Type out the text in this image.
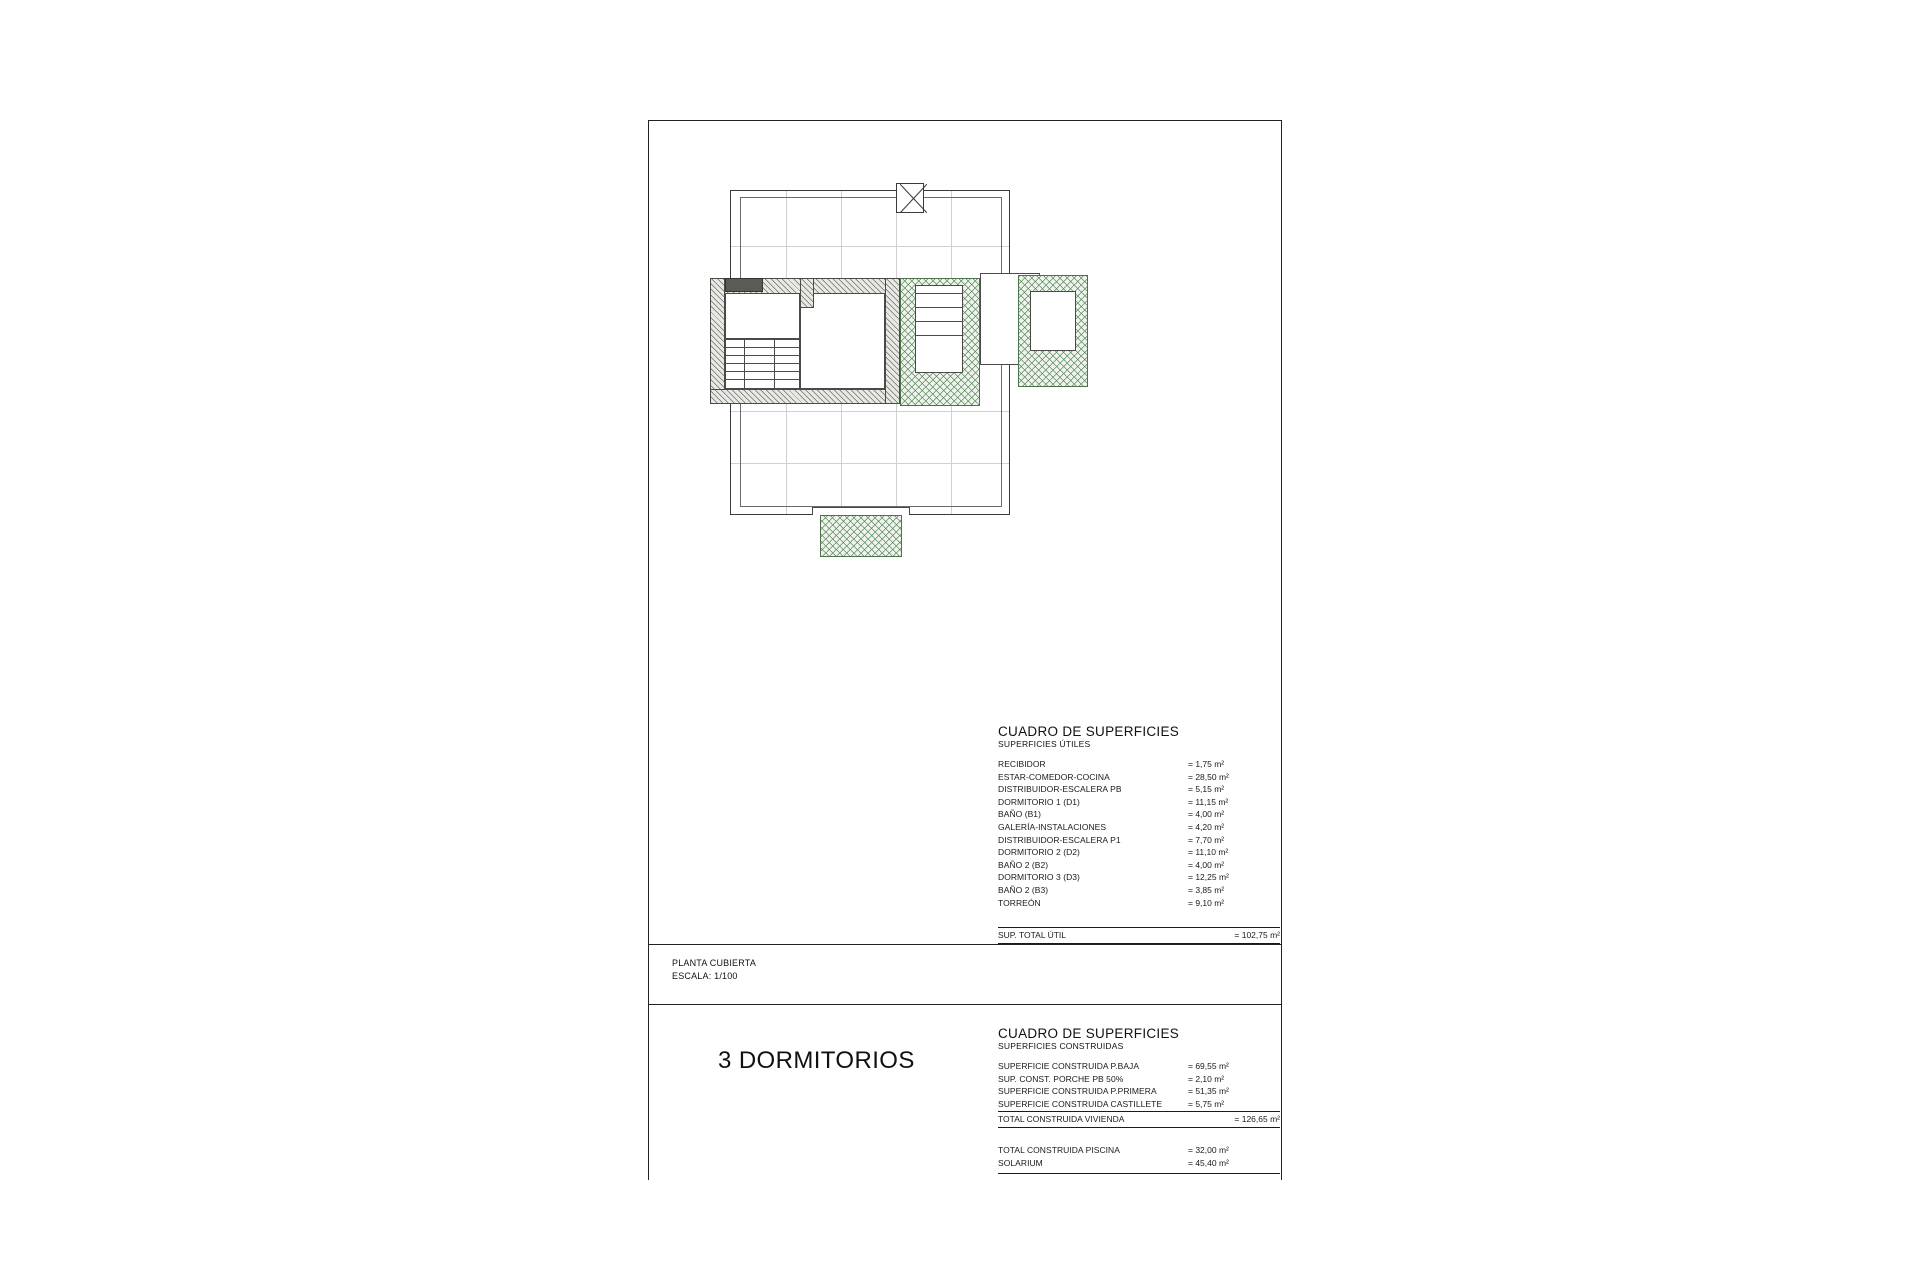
CUADRO DE SUPERFICIES
SUPERFICIES ÚTILES
RECIBIDOR	= 1,75 m²
ESTAR-COMEDOR-COCINA	= 28,50 m²
DISTRIBUIDOR-ESCALERA PB	= 5,15 m²
DORMITORIO 1 (D1)	= 11,15 m²
BAÑO (B1)	= 4,00 m²
GALERÍA-INSTALACIONES	= 4,20 m²
DISTRIBUIDOR-ESCALERA P1	= 7,70 m²
DORMITORIO 2 (D2)	= 11,10 m²
BAÑO 2 (B2)	= 4,00 m²
DORMITORIO 3 (D3)	= 12,25 m²
BAÑO 2 (B3)	= 3,85 m²
TORREÓN	= 9,10 m²
SUP. TOTAL ÚTIL	= 102,75 m²
PLANTA CUBIERTA
ESCALA: 1/100
3 DORMITORIOS
CUADRO DE SUPERFICIES
SUPERFICIES CONSTRUIDAS
SUPERFICIE CONSTRUIDA P.BAJA	= 69,55 m²
SUP. CONST. PORCHE PB 50%	= 2,10 m²
SUPERFICIE CONSTRUIDA P.PRIMERA	= 51,35 m²
SUPERFICIE CONSTRUIDA CASTILLETE	= 5,75 m²
TOTAL CONSTRUIDA VIVIENDA	= 126,65 m²
TOTAL CONSTRUIDA PISCINA	= 32,00 m²
SOLARIUM	= 45,40 m²
